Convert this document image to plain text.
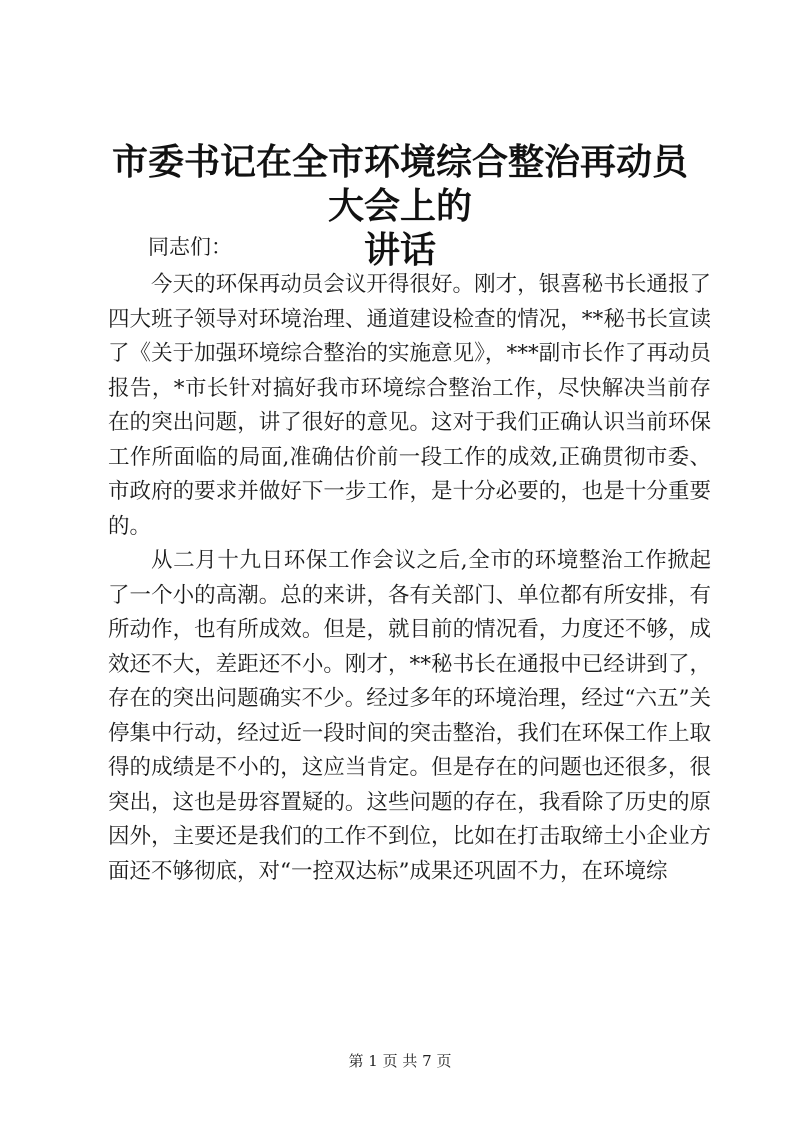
市委书记在全市环境综合整治再动员大会上的
讲话
同志们：

今天的环保再动员会议开得很好。刚才，银喜秘书长通报了四大班子领导对环境治理、通道建设检查的情况，**秘书长宣读了《关于加强环境综合整治的实施意见》，***副市长作了再动员报告，*市长针对搞好我市环境综合整治工作，尽快解决当前存在的突出问题，讲了很好的意见。这对于我们正确认识当前环保工作所面临的局面,准确估价前一段工作的成效,正确贯彻市委、市政府的要求并做好下一步工作，是十分必要的，也是十分重要的。

从二月十九日环保工作会议之后,全市的环境整治工作掀起了一个小的高潮。总的来讲，各有关部门、单位都有所安排，有所动作，也有所成效。但是，就目前的情况看，力度还不够，成效还不大，差距还不小。刚才，**秘书长在通报中已经讲到了，存在的突出问题确实不少。经过多年的环境治理，经过“六五”关停集中行动，经过近一段时间的突击整治，我们在环保工作上取得的成绩是不小的，这应当肯定。但是存在的问题也还很多，很突出，这也是毋容置疑的。这些问题的存在，我看除了历史的原因外，主要还是我们的工作不到位，比如在打击取缔土小企业方面还不够彻底，对“一控双达标”成果还巩固不力，在环境综

第 1 页 共 7 页
